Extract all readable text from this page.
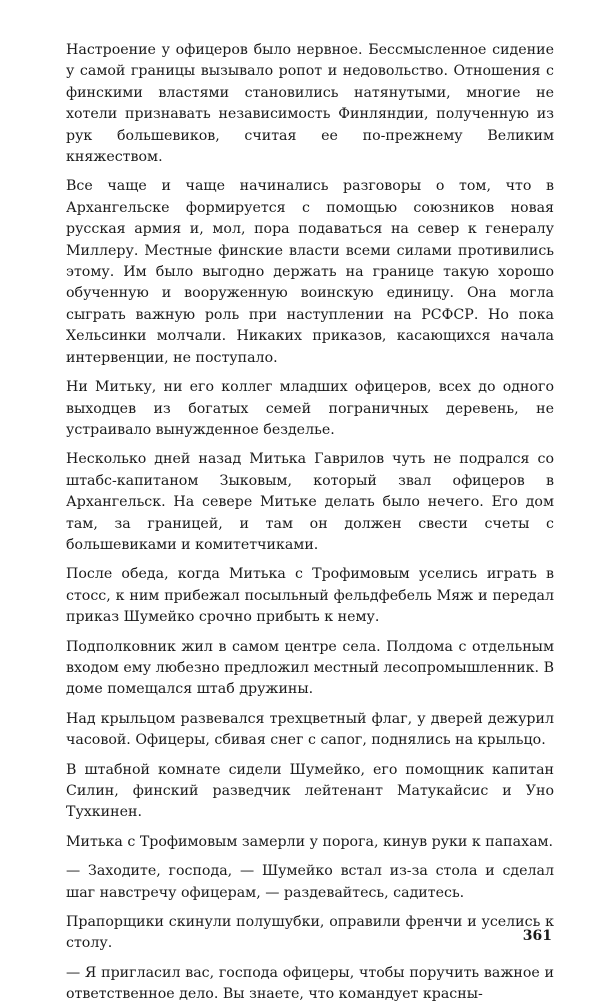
Настроение у офицеров было нервное. Бессмысленное сидение у самой границы вызывало ропот и недовольство. Отношения с финскими властями становились натянутыми, многие не хотели признавать независимость Финляндии, полученную из рук большевиков, считая ее по-прежнему Великим княжеством.

Все чаще и чаще начинались разговоры о том, что в Архангельске формируется с помощью союзников новая русская армия и, мол, пора подаваться на север к генералу Миллеру. Местные финские власти всеми силами противились этому. Им было выгодно держать на границе такую хорошо обученную и вооруженную воинскую единицу. Она могла сыграть важную роль при наступлении на РСФСР. Но пока Хельсинки молчали. Никаких приказов, касающихся начала интервенции, не поступало.

Ни Митьку, ни его коллег младших офицеров, всех до одного выходцев из богатых семей пограничных деревень, не устраивало вынужденное безделье.

Несколько дней назад Митька Гаврилов чуть не подрался со штабс-капитаном Зыковым, который звал офицеров в Архангельск. На севере Митьке делать было нечего. Его дом там, за границей, и там он должен свести счеты с большевиками и комитетчиками.

После обеда, когда Митька с Трофимовым уселись играть в стосс, к ним прибежал посыльный фельдфебель Мяж и передал приказ Шумейко срочно прибыть к нему.

Подполковник жил в самом центре села. Полдома с отдельным входом ему любезно предложил местный лесопромышленник. В доме помещался штаб дружины.

Над крыльцом развевался трехцветный флаг, у дверей дежурил часовой. Офицеры, сбивая снег с сапог, поднялись на крыльцо.

В штабной комнате сидели Шумейко, его помощник капитан Силин, финский разведчик лейтенант Матукайсис и Уно Тухкинен.

Митька с Трофимовым замерли у порога, кинув руки к папахам.

— Заходите, господа, — Шумейко встал из-за стола и сделал шаг навстречу офицерам, — раздевайтесь, садитесь.

Прапорщики скинули полушубки, оправили френчи и уселись к столу.

— Я пригласил вас, господа офицеры, чтобы поручить важное и ответственное дело. Вы знаете, что командует красны-

361
